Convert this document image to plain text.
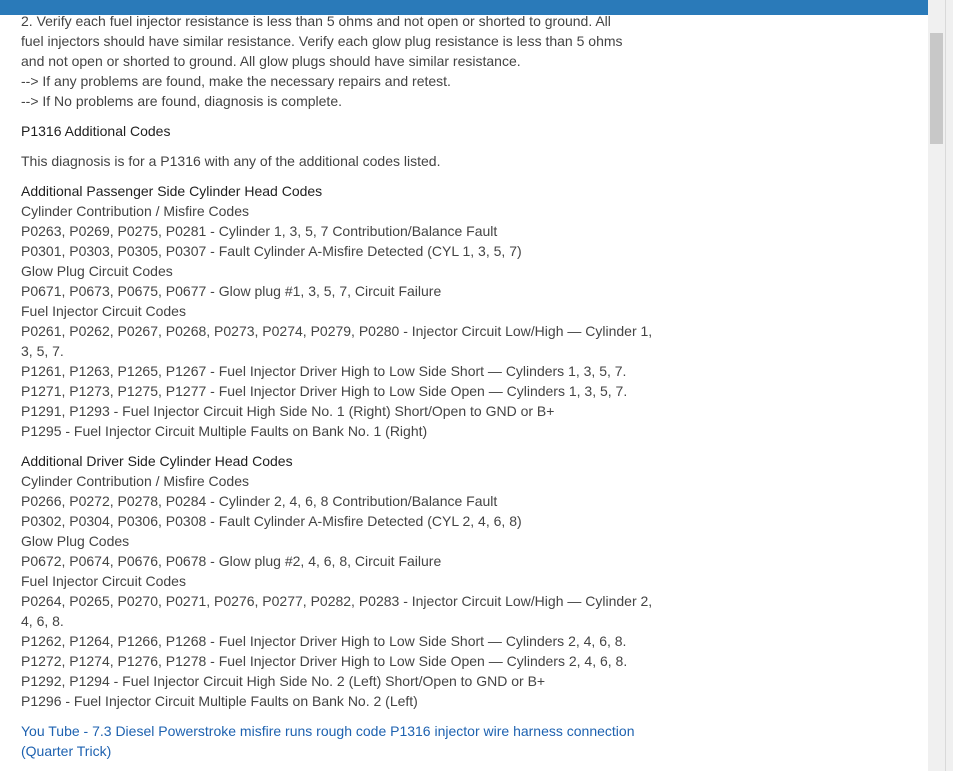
2. Verify each fuel injector resistance is less than 5 ohms and not open or shorted to ground. All
fuel injectors should have similar resistance. Verify each glow plug resistance is less than 5 ohms
and not open or shorted to ground. All glow plugs should have similar resistance.
--> If any problems are found, make the necessary repairs and retest.
--> If No problems are found, diagnosis is complete.
P1316 Additional Codes
This diagnosis is for a P1316 with any of the additional codes listed.
Additional Passenger Side Cylinder Head Codes
Cylinder Contribution / Misfire Codes
P0263, P0269, P0275, P0281 - Cylinder 1, 3, 5, 7 Contribution/Balance Fault
P0301, P0303, P0305, P0307 - Fault Cylinder A-Misfire Detected (CYL 1, 3, 5, 7)
Glow Plug Circuit Codes
P0671, P0673, P0675, P0677 - Glow plug #1, 3, 5, 7, Circuit Failure
Fuel Injector Circuit Codes
P0261, P0262, P0267, P0268, P0273, P0274, P0279, P0280 - Injector Circuit Low/High — Cylinder 1,
3, 5, 7.
P1261, P1263, P1265, P1267 - Fuel Injector Driver High to Low Side Short — Cylinders 1, 3, 5, 7.
P1271, P1273, P1275, P1277 - Fuel Injector Driver High to Low Side Open — Cylinders 1, 3, 5, 7.
P1291, P1293 - Fuel Injector Circuit High Side No. 1 (Right) Short/Open to GND or B+
P1295 - Fuel Injector Circuit Multiple Faults on Bank No. 1 (Right)
Additional Driver Side Cylinder Head Codes
Cylinder Contribution / Misfire Codes
P0266, P0272, P0278, P0284 - Cylinder 2, 4, 6, 8 Contribution/Balance Fault
P0302, P0304, P0306, P0308 - Fault Cylinder A-Misfire Detected (CYL 2, 4, 6, 8)
Glow Plug Codes
P0672, P0674, P0676, P0678 - Glow plug #2, 4, 6, 8, Circuit Failure
Fuel Injector Circuit Codes
P0264, P0265, P0270, P0271, P0276, P0277, P0282, P0283 - Injector Circuit Low/High — Cylinder 2,
4, 6, 8.
P1262, P1264, P1266, P1268 - Fuel Injector Driver High to Low Side Short — Cylinders 2, 4, 6, 8.
P1272, P1274, P1276, P1278 - Fuel Injector Driver High to Low Side Open — Cylinders 2, 4, 6, 8.
P1292, P1294 - Fuel Injector Circuit High Side No. 2 (Left) Short/Open to GND or B+
P1296 - Fuel Injector Circuit Multiple Faults on Bank No. 2 (Left)
You Tube - 7.3 Diesel Powerstroke misfire runs rough code P1316 injector wire harness connection
(Quarter Trick)
